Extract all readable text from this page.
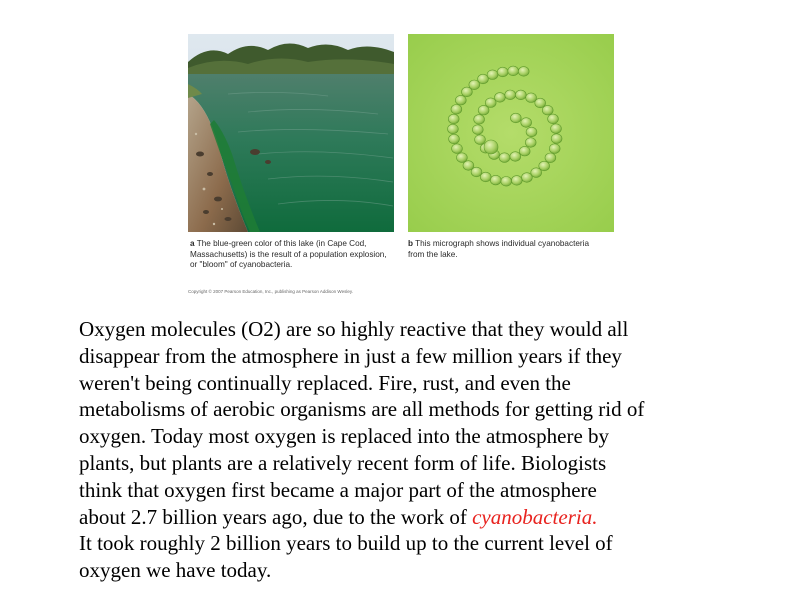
a The blue-green color of this lake (in Cape Cod, Massachusetts) is the result of a population explosion, or "bloom" of cyanobacteria.
b This micrograph shows individual cyanobacteria from the lake.
Copyright © 2007 Pearson Education, Inc., publishing as Pearson Addison Wesley.
Oxygen molecules (O2) are so highly reactive that they would all
disappear from the atmosphere in just a few million years if they
weren't being continually replaced. Fire, rust, and even the
metabolisms of aerobic organisms are all methods for getting rid of
oxygen. Today most oxygen is replaced into the atmosphere by
plants, but plants are a relatively recent form of life. Biologists
think that oxygen first became a major part of the atmosphere
about 2.7 billion years ago, due to the work of cyanobacteria.
It took roughly 2 billion years to build up to the current level of
oxygen we have today.
